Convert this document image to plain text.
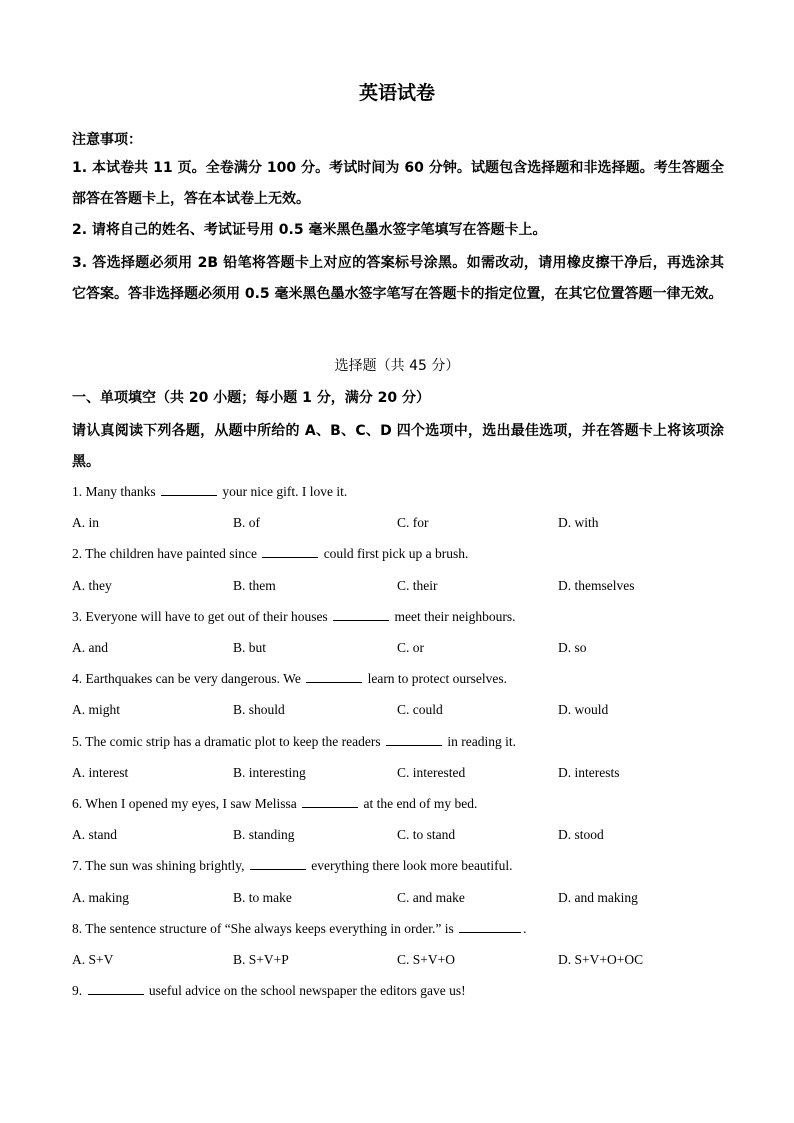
英语试卷
注意事项：
1. 本试卷共 11 页。全卷满分 100 分。考试时间为 60 分钟。试题包含选择题和非选择题。考生答题全部答在答题卡上，答在本试卷上无效。
2. 请将自己的姓名、考试证号用 0.5 毫米黑色墨水签字笔填写在答题卡上。
3. 答选择题必须用 2B 铅笔将答题卡上对应的答案标号涂黑。如需改动，请用橡皮擦干净后，再选涂其它答案。答非选择题必须用 0.5 毫米黑色墨水签字笔写在答题卡的指定位置，在其它位置答题一律无效。
选择题（共 45 分）
一、单项填空（共 20 小题；每小题 1 分，满分 20 分）
请认真阅读下列各题，从题中所给的 A、B、C、D 四个选项中，选出最佳选项，并在答题卡上将该项涂黑。
1. Many thanks	your nice gift. I love it.
A. in	B. of	C. for	D. with
2. The children have painted since	could first pick up a brush.
A. they	B. them	C. their	D. themselves
3. Everyone will have to get out of their houses	meet their neighbours.
A. and	B. but	C. or	D. so
4. Earthquakes can be very dangerous. We	learn to protect ourselves.
A. might	B. should	C. could	D. would
5. The comic strip has a dramatic plot to keep the readers	in reading it.
A. interest	B. interesting	C. interested	D. interests
6. When I opened my eyes, I saw Melissa	at the end of my bed.
A. stand	B. standing	C. to stand	D. stood
7. The sun was shining brightly,	everything there look more beautiful.
A. making	B. to make	C. and make	D. and making
8. The sentence structure of “She always keeps everything in order.” is	.
A. S+V	B. S+V+P	C. S+V+O	D. S+V+O+OC
9.	useful advice on the school newspaper the editors gave us!
